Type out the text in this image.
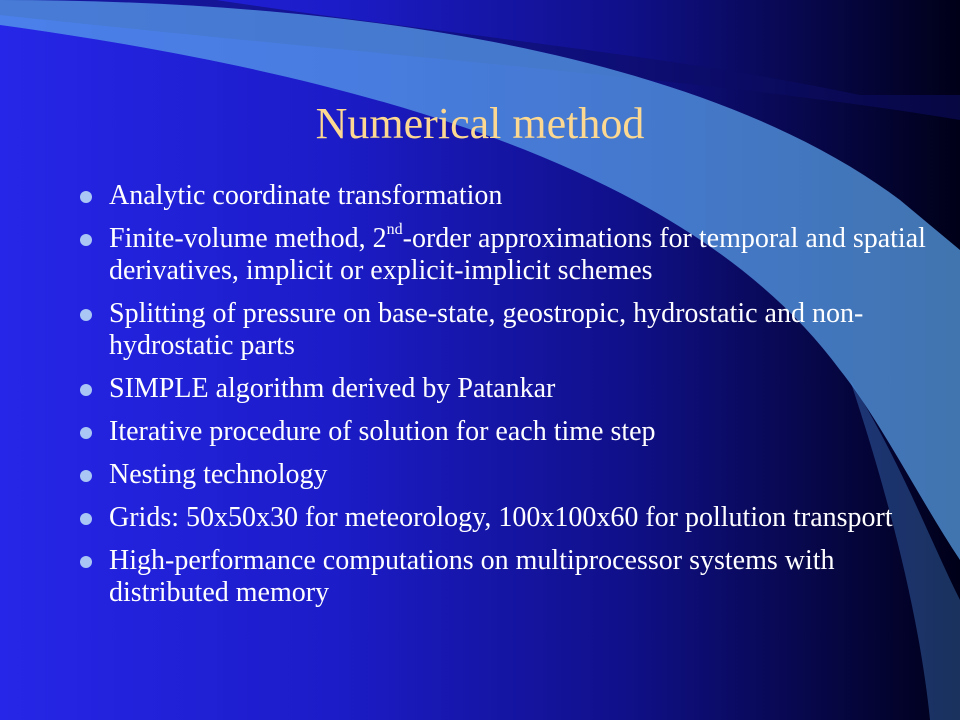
Numerical method
Analytic coordinate transformation
Finite-volume method, 2nd-order approximations for temporal and spatial derivatives, implicit or explicit-implicit schemes
Splitting of pressure on base-state, geostropic, hydrostatic and non-hydrostatic parts
SIMPLE algorithm derived by Patankar
Iterative procedure of solution for each time step
Nesting technology
Grids: 50x50x30 for meteorology, 100x100x60 for pollution transport
High-performance computations on multiprocessor systems with distributed memory
